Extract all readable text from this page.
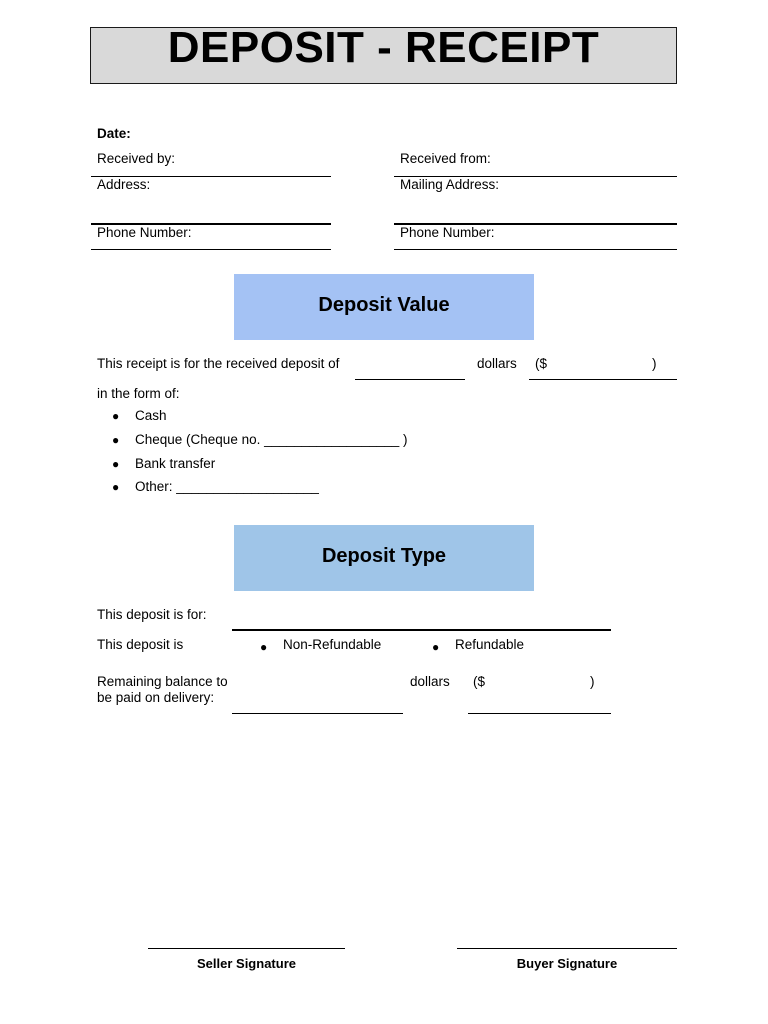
DEPOSIT - RECEIPT
Date:
Received by:	Received from:
Address:	Mailing Address:
Phone Number:	Phone Number:
Deposit Value
This receipt is for the received deposit of	dollars ($	)
in the form of:
● Cash
● Cheque (Cheque no. __________________ )
● Bank transfer
● Other: ___________________
Deposit Type
This deposit is for:
This deposit is	● Non-Refundable	● Refundable
Remaining balance to
be paid on delivery:
dollars ($	)
Seller Signature	Buyer Signature
